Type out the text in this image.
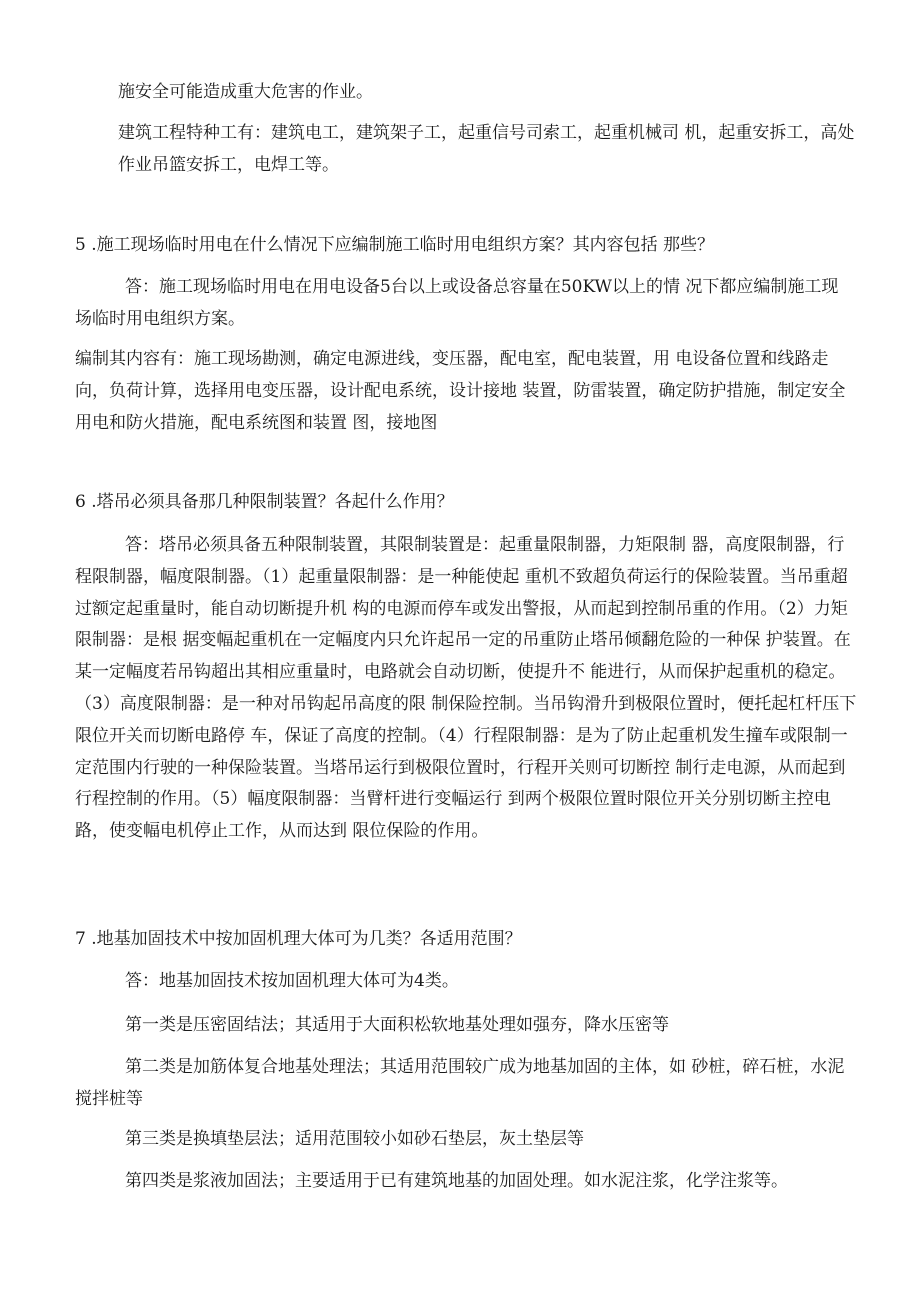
施安全可能造成重大危害的作业。

建筑工程特种工有：建筑电工，建筑架子工，起重信号司索工，起重机械司 机，起重安拆工，高处作业吊篮安拆工，电焊工等。

5 .施工现场临时用电在什么情况下应编制施工临时用电组织方案？其内容包括 那些？

答：施工现场临时用电在用电设备5台以上或设备总容量在50KW以上的情 况下都应编制施工现场临时用电组织方案。

编制其内容有：施工现场勘测，确定电源进线，变压器，配电室，配电装置，用 电设备位置和线路走向，负荷计算，选择用电变压器，设计配电系统，设计接地 装置，防雷装置，确定防护措施，制定安全用电和防火措施，配电系统图和装置 图，接地图

6 .塔吊必须具备那几种限制装置？各起什么作用？

答：塔吊必须具备五种限制装置，其限制装置是：起重量限制器，力矩限制 器，高度限制器，行程限制器，幅度限制器。（1）起重量限制器：是一种能使起 重机不致超负荷运行的保险装置。当吊重超过额定起重量时，能自动切断提升机 构的电源而停车或发出警报，从而起到控制吊重的作用。（2）力矩限制器：是根 据变幅起重机在一定幅度内只允许起吊一定的吊重防止塔吊倾翻危险的一种保 护装置。在某一定幅度若吊钩超出其相应重量时，电路就会自动切断，使提升不 能进行，从而保护起重机的稳定。（3）高度限制器：是一种对吊钩起吊高度的限 制保险控制。当吊钩滑升到极限位置时，便托起杠杆压下限位开关而切断电路停 车，保证了高度的控制。（4）行程限制器：是为了防止起重机发生撞车或限制一 定范围内行驶的一种保险装置。当塔吊运行到极限位置时，行程开关则可切断控 制行走电源，从而起到行程控制的作用。（5）幅度限制器：当臂杆进行变幅运行 到两个极限位置时限位开关分别切断主控电路，使变幅电机停止工作，从而达到 限位保险的作用。

7 .地基加固技术中按加固机理大体可为几类？各适用范围？

答：地基加固技术按加固机理大体可为4类。

第一类是压密固结法；其适用于大面积松软地基处理如强夯，降水压密等

第二类是加筋体复合地基处理法；其适用范围较广成为地基加固的主体，如 砂桩，碎石桩，水泥搅拌桩等

第三类是换填垫层法；适用范围较小如砂石垫层，灰土垫层等

第四类是浆液加固法；主要适用于已有建筑地基的加固处理。如水泥注浆，化学注浆等。
